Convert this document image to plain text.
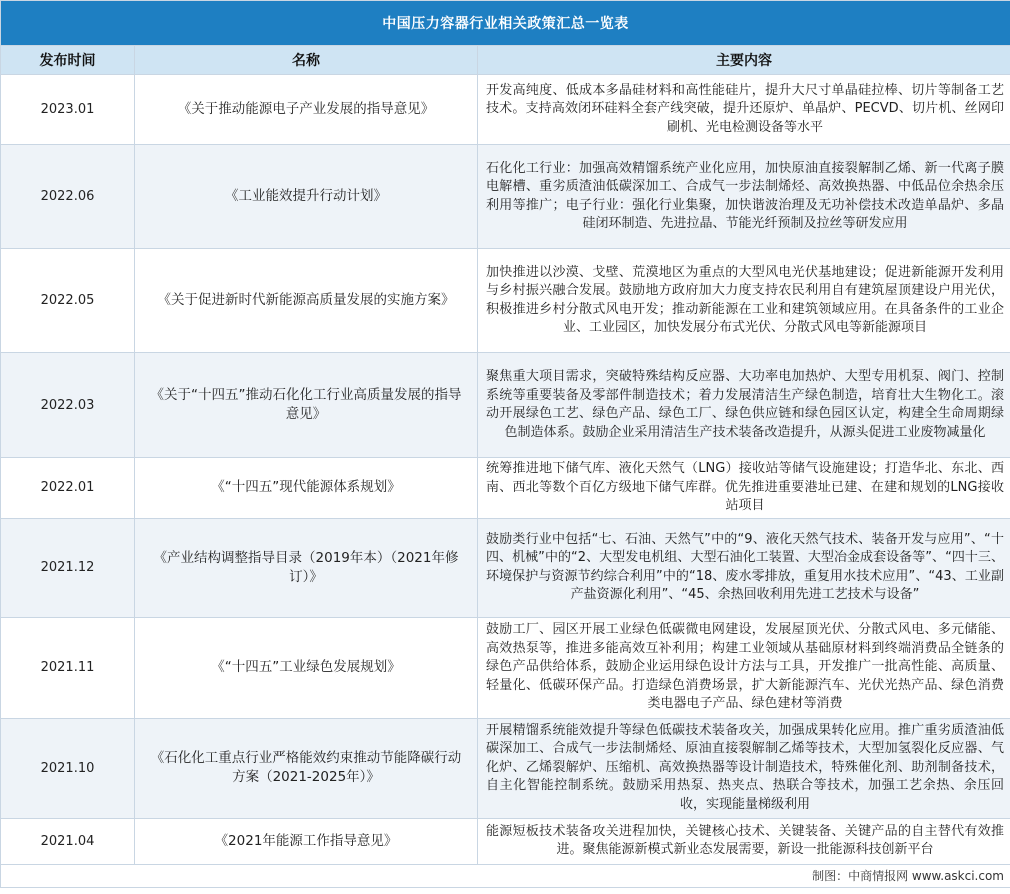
中国压力容器行业相关政策汇总一览表		
发布时间	名称	主要内容
2023.01	《关于推动能源电子产业发展的指导意见》	开发高纯度、低成本多晶硅材料和高性能硅片，提升大尺寸单晶硅拉棒、切片等制备工艺技术。支持高效闭环硅料全套产线突破，提升还原炉、单晶炉、PECVD、切片机、丝网印刷机、光电检测设备等水平
2022.06	《工业能效提升行动计划》	石化化工行业：加强高效精馏系统产业化应用，加快原油直接裂解制乙烯、新一代离子膜电解槽、重劣质渣油低碳深加工、合成气一步法制烯烃、高效换热器、中低品位余热余压利用等推广；电子行业：强化行业集聚，加快谐波治理及无功补偿技术改造单晶炉、多晶硅闭环制造、先进拉晶、节能光纤预制及拉丝等研发应用
2022.05	《关于促进新时代新能源高质量发展的实施方案》	加快推进以沙漠、戈壁、荒漠地区为重点的大型风电光伏基地建设；促进新能源开发利用与乡村振兴融合发展。鼓励地方政府加大力度支持农民利用自有建筑屋顶建设户用光伏，积极推进乡村分散式风电开发；推动新能源在工业和建筑领域应用。在具备条件的工业企业、工业园区，加快发展分布式光伏、分散式风电等新能源项目
2022.03	《关于“十四五”推动石化化工行业高质量发展的指导意见》	聚焦重大项目需求，突破特殊结构反应器、大功率电加热炉、大型专用机泵、阀门、控制系统等重要装备及零部件制造技术；着力发展清洁生产绿色制造，培育壮大生物化工。滚动开展绿色工艺、绿色产品、绿色工厂、绿色供应链和绿色园区认定，构建全生命周期绿色制造体系。鼓励企业采用清洁生产技术装备改造提升，从源头促进工业废物减量化
2022.01	《“十四五”现代能源体系规划》	统筹推进地下储气库、液化天然气（LNG）接收站等储气设施建设；打造华北、东北、西南、西北等数个百亿方级地下储气库群。优先推进重要港址已建、在建和规划的LNG接收站项目
2021.12	《产业结构调整指导目录（2019年本）（2021年修订）》	鼓励类行业中包括“七、石油、天然气”中的“9、液化天然气技术、装备开发与应用”、“十四、机械”中的“2、大型发电机组、大型石油化工装置、大型冶金成套设备等”、“四十三、环境保护与资源节约综合利用”中的“18、废水零排放，重复用水技术应用”、“43、工业副产盐资源化利用”、“45、余热回收利用先进工艺技术与设备”
2021.11	《“十四五”工业绿色发展规划》	鼓励工厂、园区开展工业绿色低碳微电网建设，发展屋顶光伏、分散式风电、多元储能、高效热泵等，推进多能高效互补利用；构建工业领域从基础原材料到终端消费品全链条的绿色产品供给体系，鼓励企业运用绿色设计方法与工具，开发推广一批高性能、高质量、轻量化、低碳环保产品。打造绿色消费场景，扩大新能源汽车、光伏光热产品、绿色消费类电器电子产品、绿色建材等消费
2021.10	《石化化工重点行业严格能效约束推动节能降碳行动方案（2021-2025年）》	开展精馏系统能效提升等绿色低碳技术装备攻关，加强成果转化应用。推广重劣质渣油低碳深加工、合成气一步法制烯烃、原油直接裂解制乙烯等技术，大型加氢裂化反应器、气化炉、乙烯裂解炉、压缩机、高效换热器等设计制造技术，特殊催化剂、助剂制备技术，自主化智能控制系统。鼓励采用热泵、热夹点、热联合等技术，加强工艺余热、余压回收，实现能量梯级利用
2021.04	《2021年能源工作指导意见》	能源短板技术装备攻关进程加快，关键核心技术、关键装备、关键产品的自主替代有效推进。聚焦能源新模式新业态发展需要，新设一批能源科技创新平台
制图：中商情报网 www.askci.com		
